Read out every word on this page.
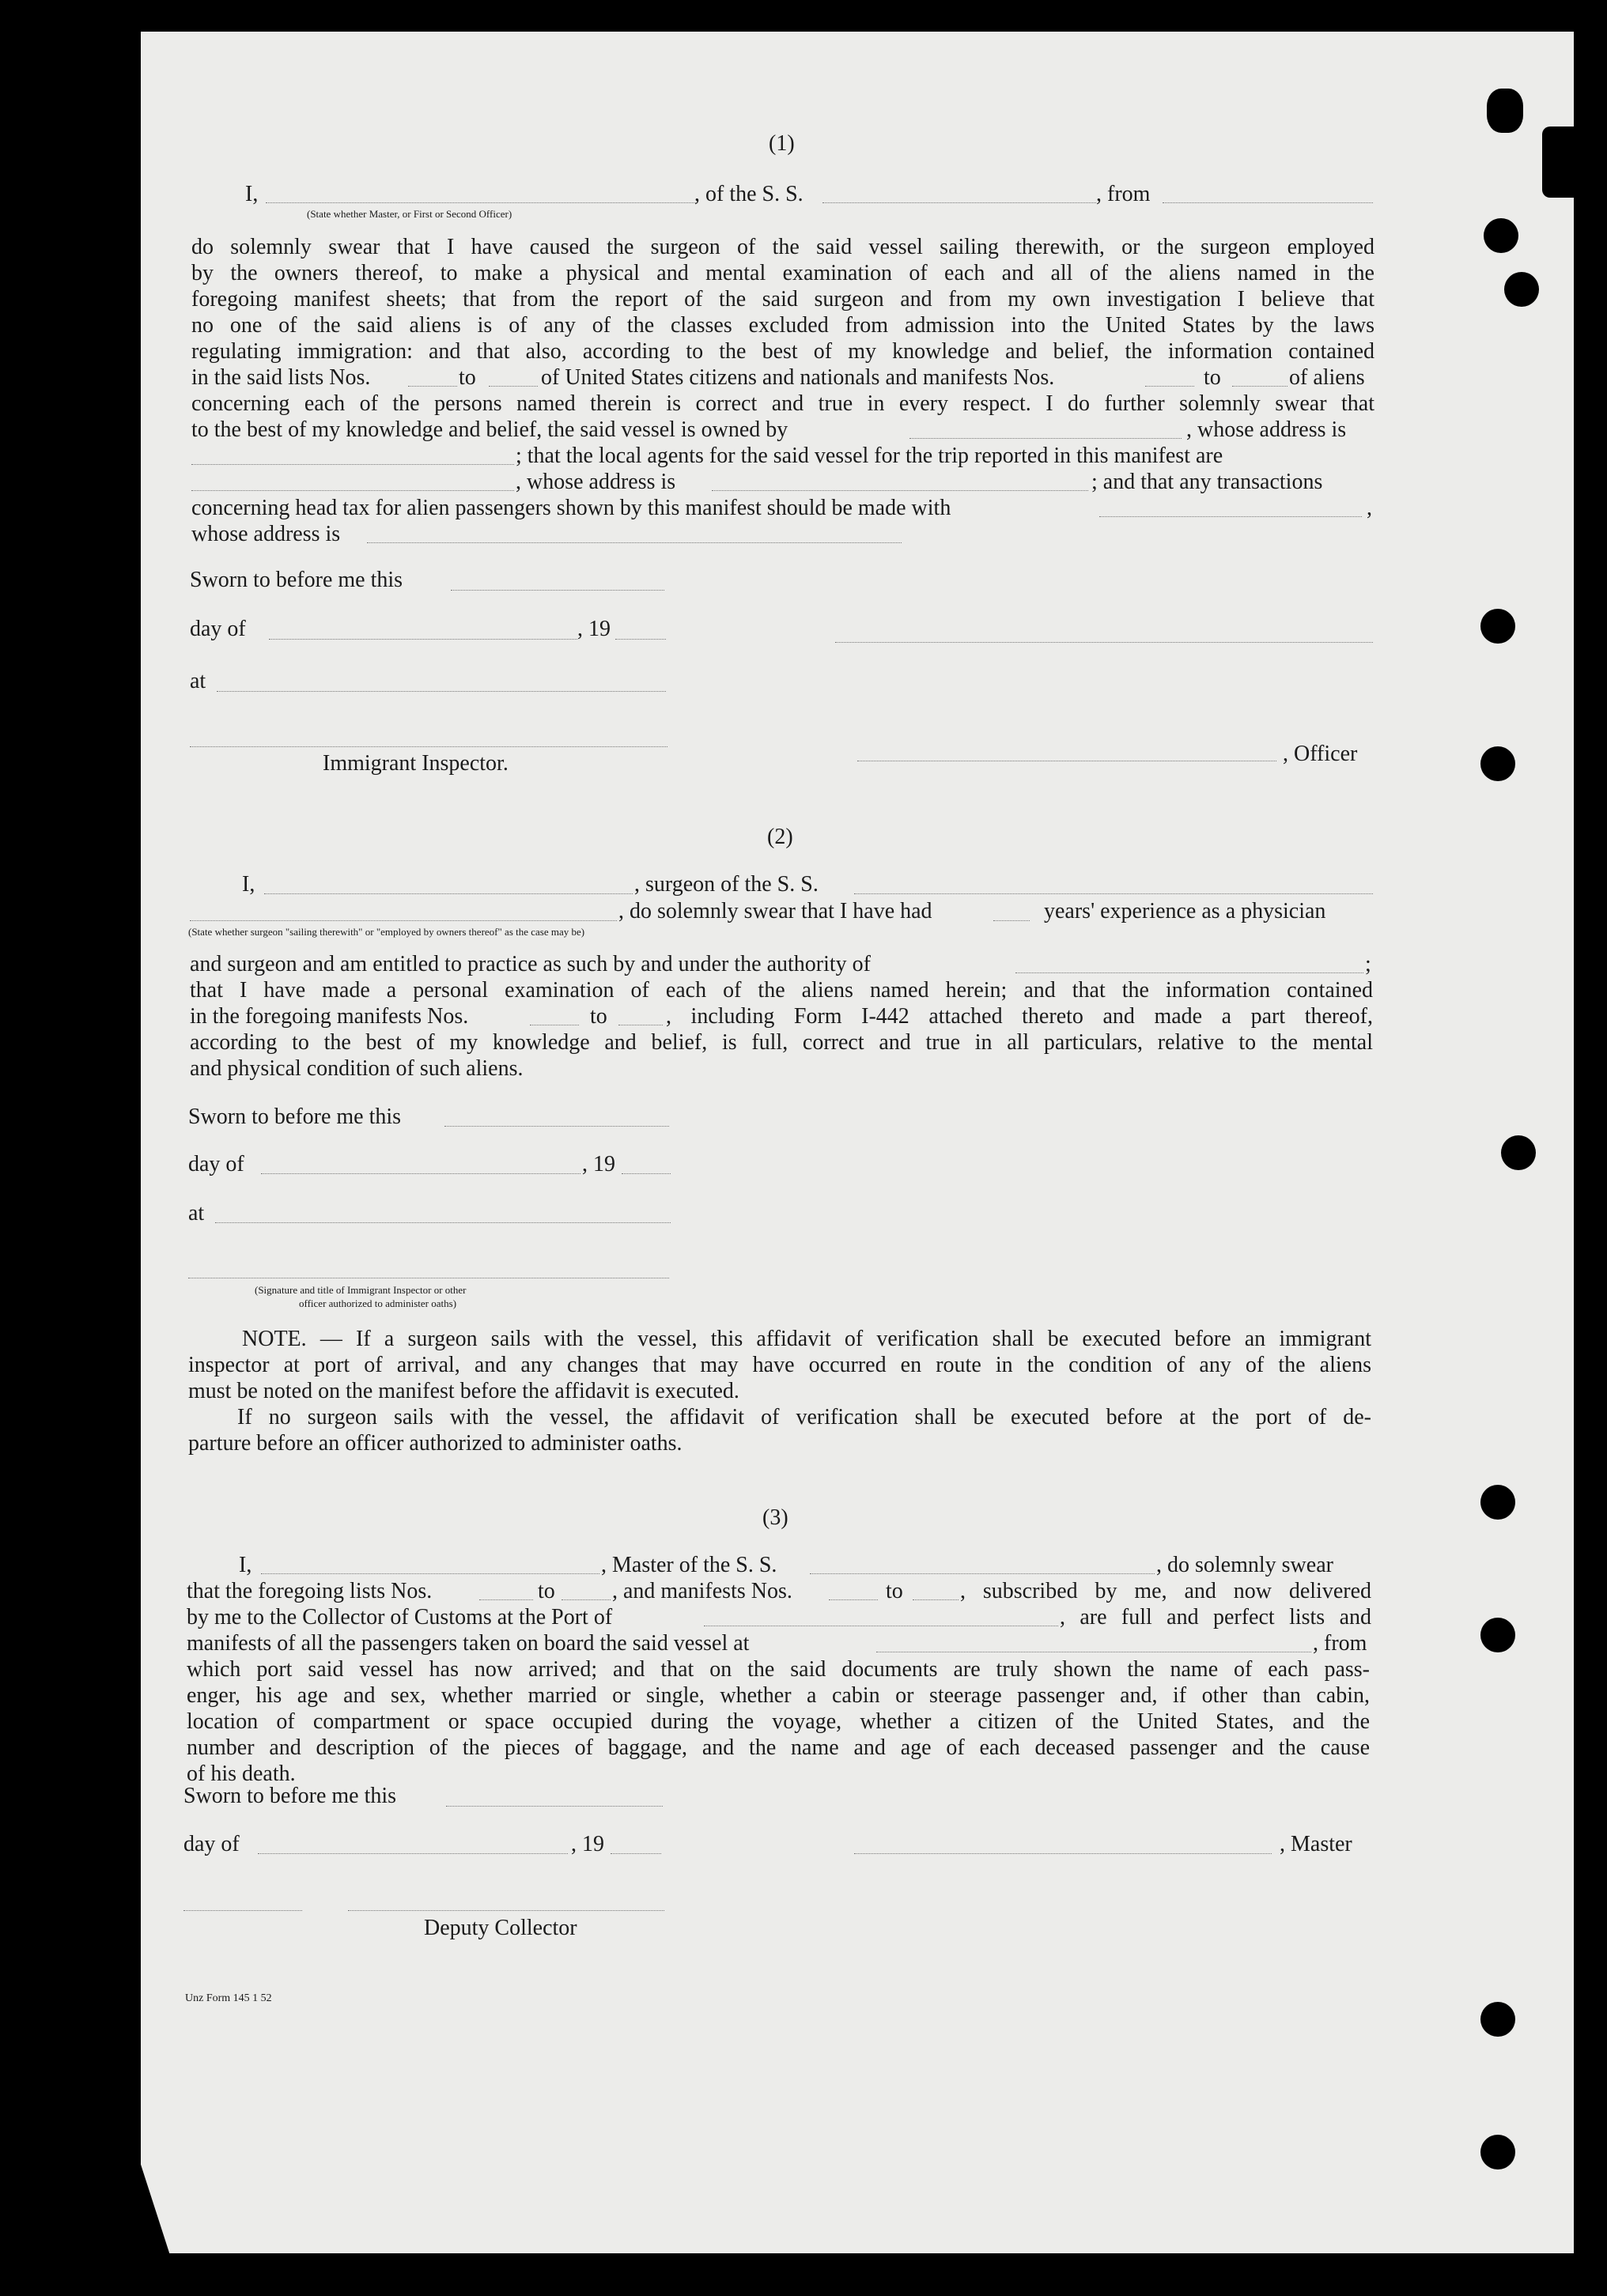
(1)
I,	, of the S. S.	, from
(State whether Master, or First or Second Officer)
do solemnly swear that I have caused the surgeon of the said vessel sailing therewith, or the surgeon employed
by the owners thereof, to make a physical and mental examination of each and all of the aliens named in the
foregoing manifest sheets; that from the report of the said surgeon and from my own investigation I believe that
no one of the said aliens is of any of the classes excluded from admission into the United States by the laws
regulating immigration: and that also, according to the best of my knowledge and belief, the information contained
in the said lists Nos.	to	of United States citizens and nationals and manifests Nos.	to	of aliens
concerning each of the persons named therein is correct and true in every respect. I do further solemnly swear that
to the best of my knowledge and belief, the said vessel is owned by	, whose address is
; that the local agents for the said vessel for the trip reported in this manifest are
, whose address is	; and that any transactions
concerning head tax for alien passengers shown by this manifest should be made with	,
whose address is
Sworn to before me this
day of	, 19
at
, Officer
Immigrant Inspector.
(2)
I,	, surgeon of the S. S.
, do solemnly swear that I have had	years' experience as a physician
(State whether surgeon "sailing therewith" or "employed by owners thereof" as the case may be)
and surgeon and am entitled to practice as such by and under the authority of	;
that I have made a personal examination of each of the aliens named herein; and that the information contained
in the foregoing manifests Nos.	to	, including Form I-442 attached thereto and made a part thereof,
according to the best of my knowledge and belief, is full, correct and true in all particulars, relative to the mental
and physical condition of such aliens.
Sworn to before me this
day of	, 19
at
(Signature and title of Immigrant Inspector or other
officer authorized to administer oaths)
NOTE. — If a surgeon sails with the vessel, this affidavit of verification shall be executed before an immigrant
inspector at port of arrival, and any changes that may have occurred en route in the condition of any of the aliens
must be noted on the manifest before the affidavit is executed.
If no surgeon sails with the vessel, the affidavit of verification shall be executed before at the port of de-
parture before an officer authorized to administer oaths.
(3)
I,	, Master of the S. S.	, do solemnly swear
that the foregoing lists Nos.	to	, and manifests Nos.	to	, subscribed by me, and now delivered
by me to the Collector of Customs at the Port of	, are full and perfect lists and
manifests of all the passengers taken on board the said vessel at	, from
which port said vessel has now arrived; and that on the said documents are truly shown the name of each pass-
enger, his age and sex, whether married or single, whether a cabin or steerage passenger and, if other than cabin,
location of compartment or space occupied during the voyage, whether a citizen of the United States, and the
number and description of the pieces of baggage, and the name and age of each deceased passenger and the cause
of his death.
Sworn to before me this
day of	, 19	, Master
Deputy Collector
Unz Form 145 1 52
